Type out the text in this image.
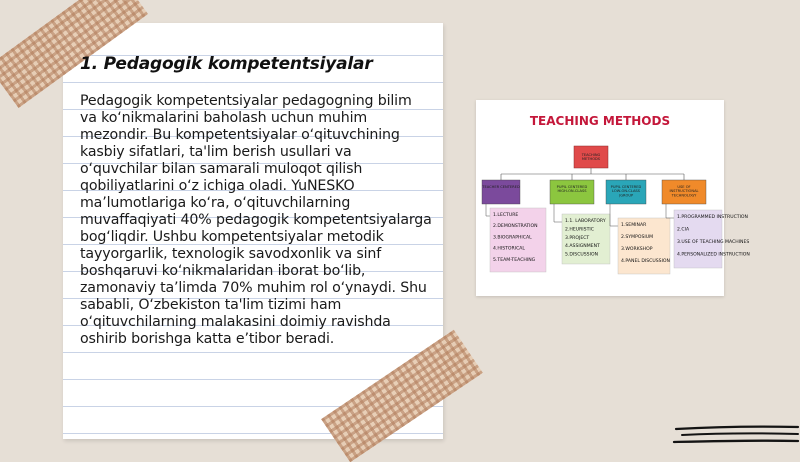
1. Pedagogik kompetentsiyalar

Pedagogik kompetentsiyalar pedagogning bilim va ko‘nikmalarini baholash uchun muhim mezondir. Bu kompetentsiyalar o‘qituvchining kasbiy sifatlari, ta'lim berish usullari va o‘quvchilar bilan samarali muloqot qilish qobiliyatlarini o‘z ichiga oladi. YuNESKO ma’lumotlariga ko‘ra, o‘qituvchilarning muvaffaqiyati 40% pedagogik kompetentsiyalarga bog‘liqdir. Ushbu kompetentsiyalar metodik tayyorgarlik, texnologik savodxonlik va sinf boshqaruvi ko‘nikmalaridan iborat bo‘lib, zamonaviy ta’limda 70% muhim rol o‘ynaydi. Shu sababli, O‘zbekiston ta'lim tizimi ham o‘qituvchilarning malakasini doimiy ravishda oshirib borishga katta e’tibor beradi.

TEACHING METHODS
TEACHING METHODS
TEACHER CENTERED
1.LECTURE
2.DEMONSTRATION
3.BIOGRAPHICAL
4.HISTORICAL
5.TEAM-TEACHING
PUPIL CENTERED HIGH-ON-CLASS
1.1. LABORATORY
2.HEURISTIC
3.PROJECT
4.ASSIGNMENT
5.DISCUSSION
PUPIL CENTERED LOW-ON-CLASS (GROUP
1.SEMINAR
2.SYMPOSIUM
3.WORKSHOP
4.PANEL DISCUSSION
USE OF INSTRUCTIONAL TECHNOLOGY
1.PROGRAMMED INSTRUCTION
2.CIA
3.USE OF TEACHING MACHINES
4.PERSONALIZED INSTRUCTION
